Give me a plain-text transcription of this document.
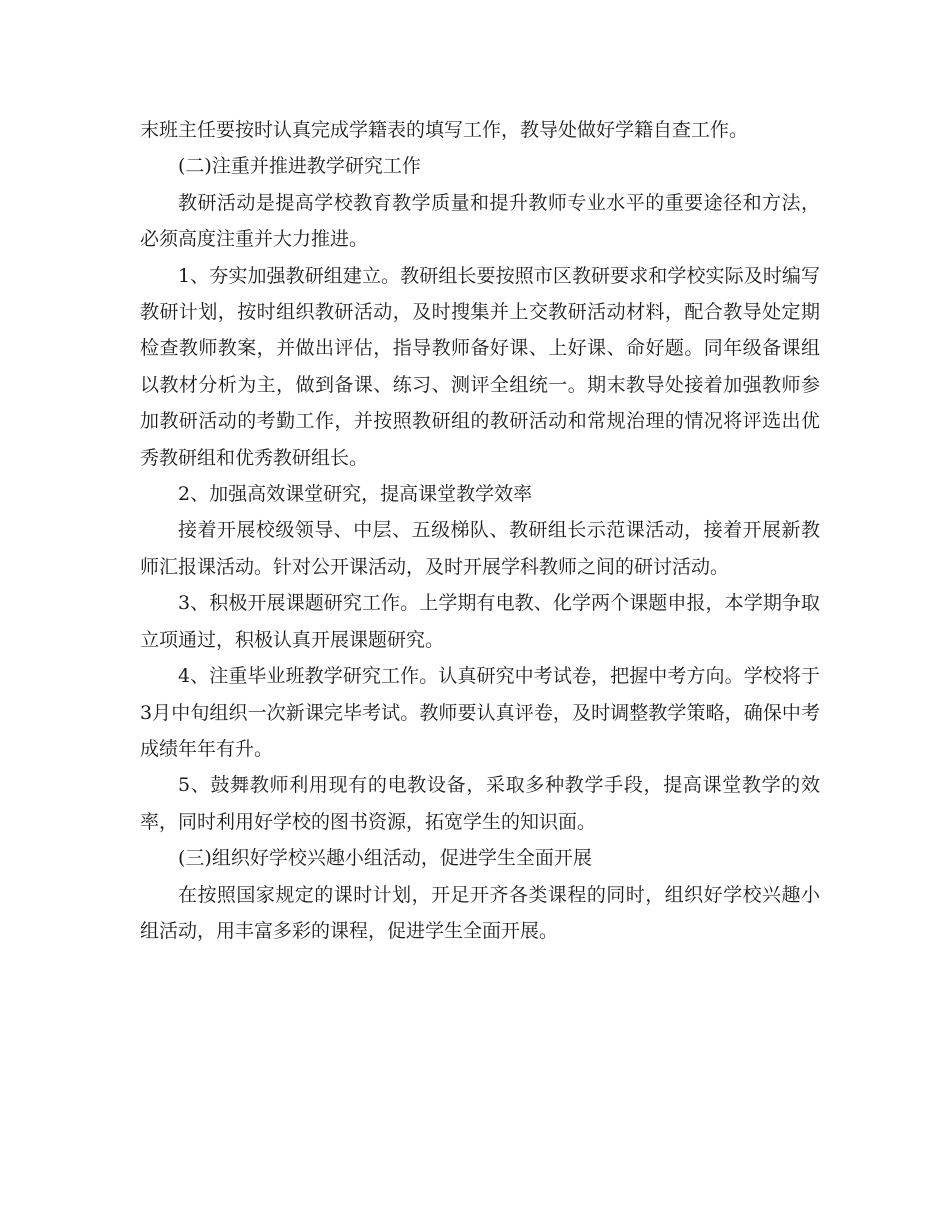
末班主任要按时认真完成学籍表的填写工作，教导处做好学籍自查工作。

(二)注重并推进教学研究工作

教研活动是提高学校教育教学质量和提升教师专业水平的重要途径和方法，必须高度注重并大力推进。

1、夯实加强教研组建立。教研组长要按照市区教研要求和学校实际及时编写教研计划，按时组织教研活动，及时搜集并上交教研活动材料，配合教导处定期检查教师教案，并做出评估，指导教师备好课、上好课、命好题。同年级备课组以教材分析为主，做到备课、练习、测评全组统一。期末教导处接着加强教师参加教研活动的考勤工作，并按照教研组的教研活动和常规治理的情况将评选出优秀教研组和优秀教研组长。

2、加强高效课堂研究，提高课堂教学效率

接着开展校级领导、中层、五级梯队、教研组长示范课活动，接着开展新教师汇报课活动。针对公开课活动，及时开展学科教师之间的研讨活动。

3、积极开展课题研究工作。上学期有电教、化学两个课题申报，本学期争取立项通过，积极认真开展课题研究。

4、注重毕业班教学研究工作。认真研究中考试卷，把握中考方向。学校将于3月中旬组织一次新课完毕考试。教师要认真评卷，及时调整教学策略，确保中考成绩年年有升。

5、鼓舞教师利用现有的电教设备，采取多种教学手段，提高课堂教学的效率，同时利用好学校的图书资源，拓宽学生的知识面。

(三)组织好学校兴趣小组活动，促进学生全面开展

在按照国家规定的课时计划，开足开齐各类课程的同时，组织好学校兴趣小组活动，用丰富多彩的课程，促进学生全面开展。
